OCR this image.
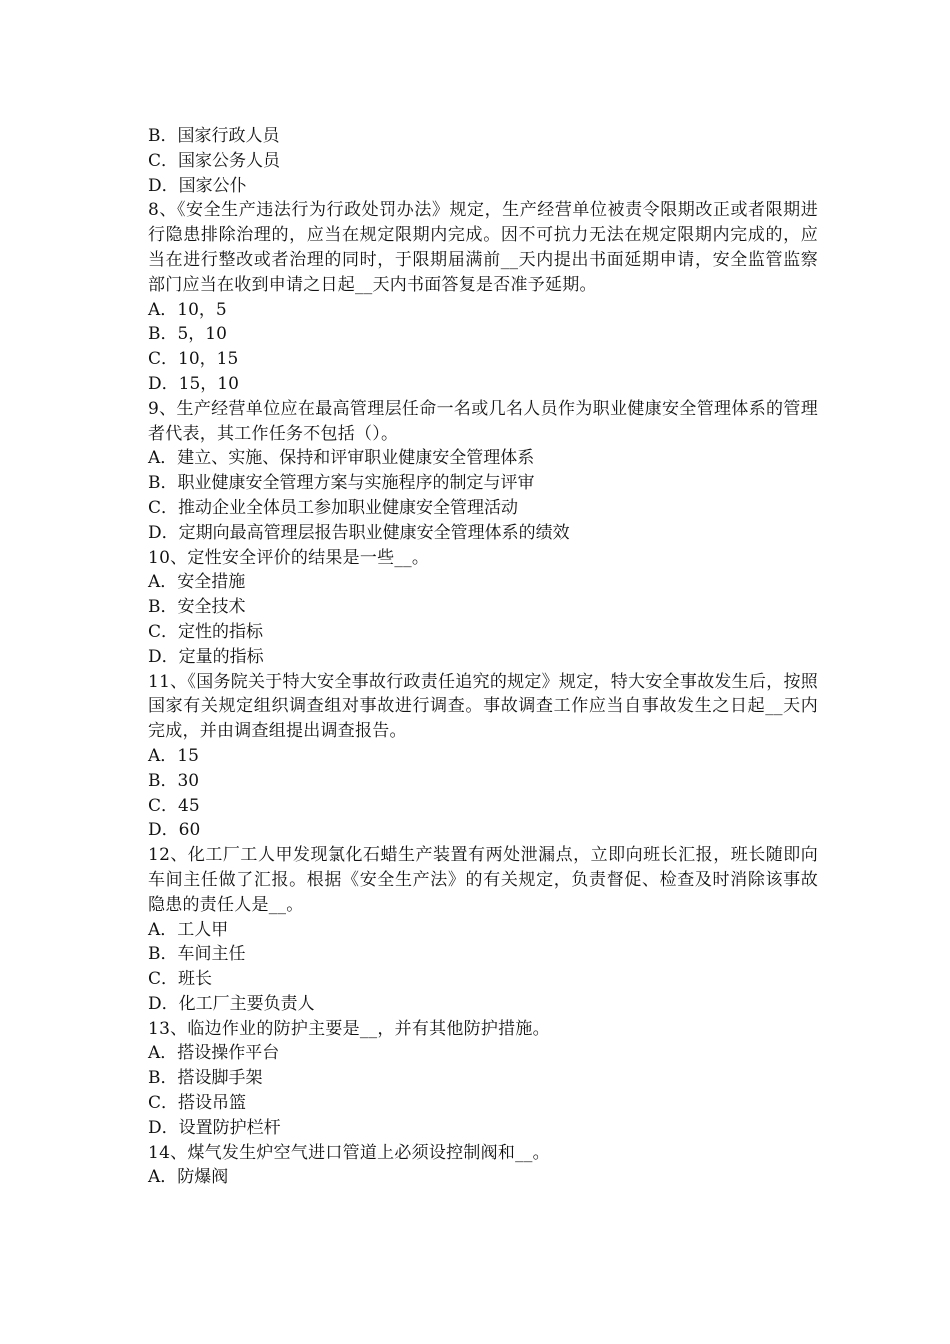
B．国家行政人员
C．国家公务人员
D．国家公仆
8、《安全生产违法行为行政处罚办法》规定，生产经营单位被责令限期改正或者限期进行隐患排除治理的，应当在规定限期内完成。因不可抗力无法在规定限期内完成的，应当在进行整改或者治理的同时，于限期届满前__天内提出书面延期申请，安全监管监察部门应当在收到申请之日起__天内书面答复是否准予延期。
A．10，5
B．5，10
C．10，15
D．15，10
9、生产经营单位应在最高管理层任命一名或几名人员作为职业健康安全管理体系的管理者代表，其工作任务不包括（）。
A．建立、实施、保持和评审职业健康安全管理体系
B．职业健康安全管理方案与实施程序的制定与评审
C．推动企业全体员工参加职业健康安全管理活动
D．定期向最高管理层报告职业健康安全管理体系的绩效
10、定性安全评价的结果是一些__。
A．安全措施
B．安全技术
C．定性的指标
D．定量的指标
11、《国务院关于特大安全事故行政责任追究的规定》规定，特大安全事故发生后，按照国家有关规定组织调查组对事故进行调查。事故调查工作应当自事故发生之日起__天内完成，并由调查组提出调查报告。
A．15
B．30
C．45
D．60
12、化工厂工人甲发现氯化石蜡生产装置有两处泄漏点，立即向班长汇报，班长随即向车间主任做了汇报。根据《安全生产法》的有关规定，负责督促、检查及时消除该事故隐患的责任人是__。
A．工人甲
B．车间主任
C．班长
D．化工厂主要负责人
13、临边作业的防护主要是__，并有其他防护措施。
A．搭设操作平台
B．搭设脚手架
C．搭设吊篮
D．设置防护栏杆
14、煤气发生炉空气进口管道上必须设控制阀和__。
A．防爆阀
